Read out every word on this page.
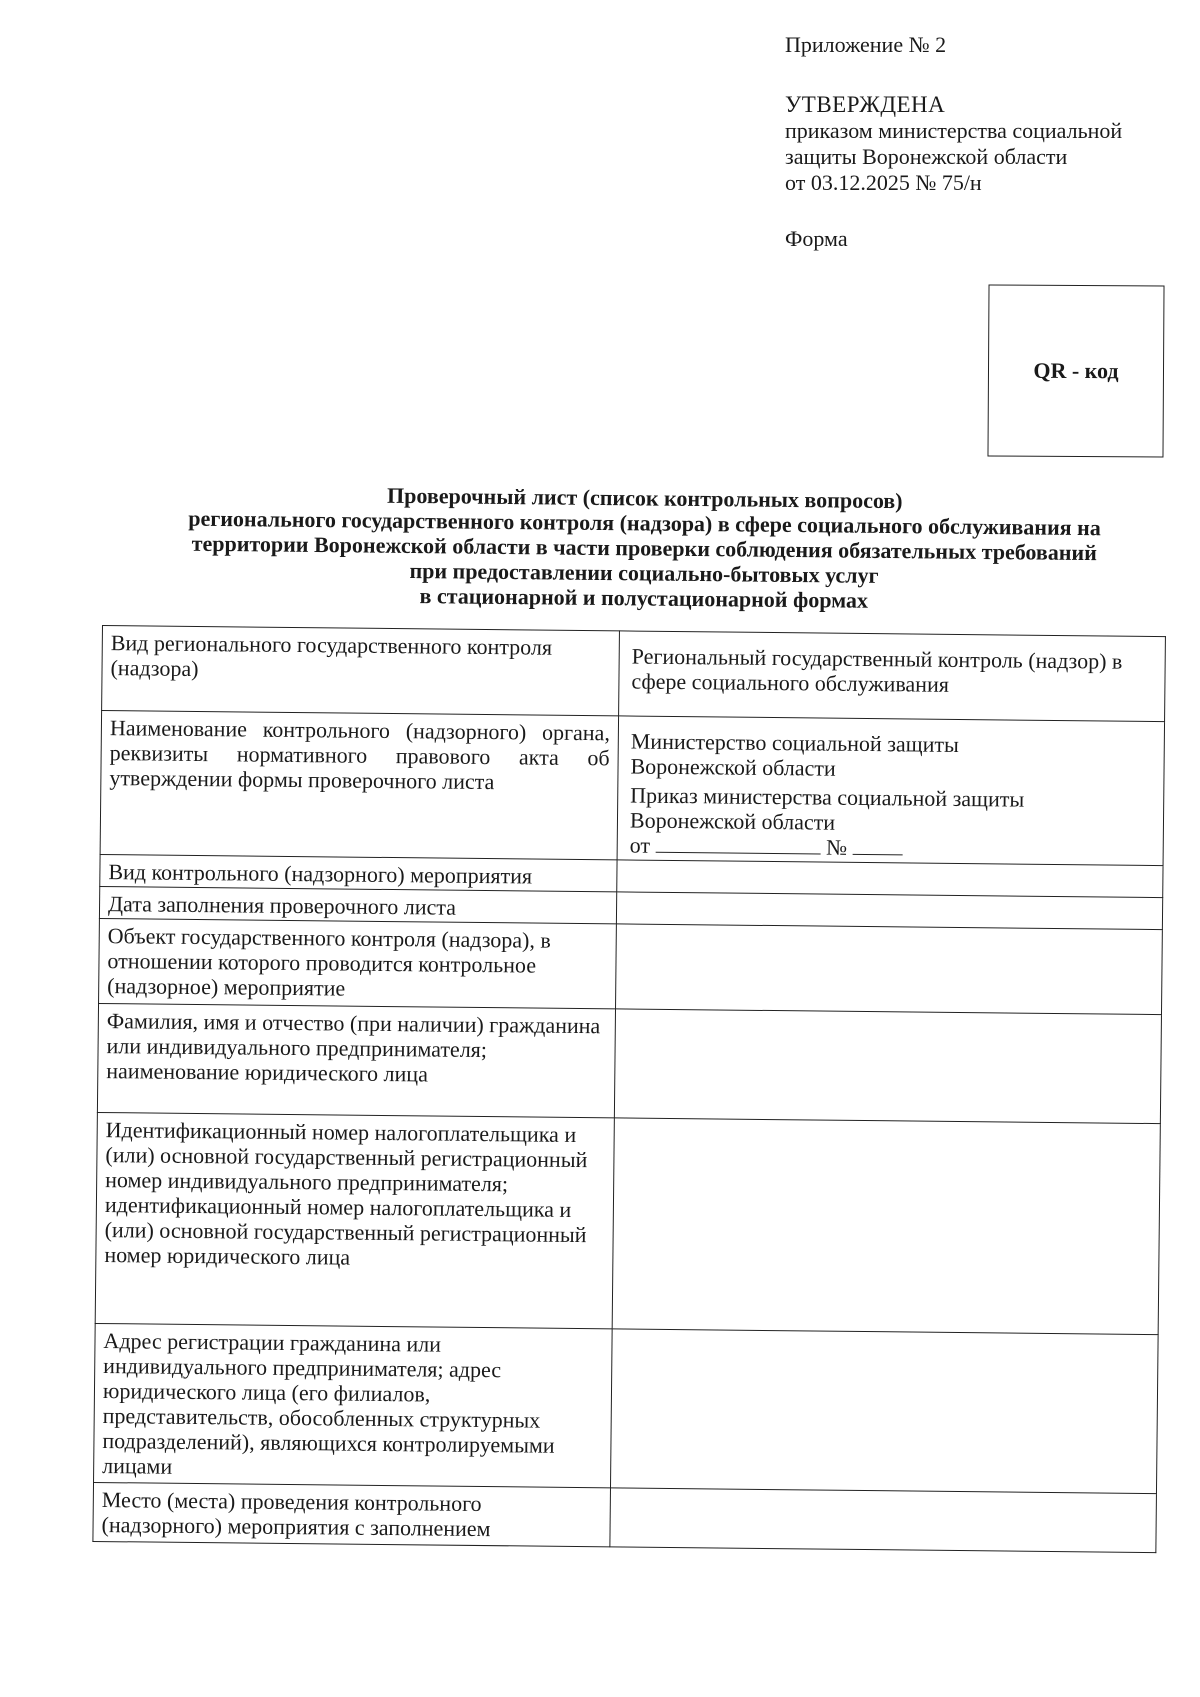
Приложение № 2
УТВЕРЖДЕНА
приказом министерства социальной
защиты Воронежской области
от 03.12.2025 № 75/н
Форма
QR - код
Проверочный лист (список контрольных вопросов)
регионального государственного контроля (надзора) в сфере социального обслуживания на
территории Воронежской области в части проверки соблюдения обязательных требований
при предоставлении социально-бытовых услуг
в стационарной и полустационарной формах
Вид регионального государственного контроля (надзора)	Региональный государственный контроль (надзор) в сфере социального обслуживания

Наименование контрольного (надзорного) органа, реквизиты нормативного правового акта об утверждении формы проверочного листа	Министерство социальной защиты
Воронежской области
Приказ министерства социальной защиты
Воронежской области
от №

Вид контрольного (надзорного) мероприятия	
Дата заполнения проверочного листа	
Объект государственного контроля (надзора), в отношении которого проводится контрольное (надзорное) мероприятие	
Фамилия, имя и отчество (при наличии) гражданина или индивидуального предпринимателя; наименование юридического лица	
Идентификационный номер налогоплательщика и (или) основной государственный регистрационный номер индивидуального предпринимателя; идентификационный номер налогоплательщика и (или) основной государственный регистрационный номер юридического лица	
Адрес регистрации гражданина или индивидуального предпринимателя; адрес юридического лица (его филиалов, представительств, обособленных структурных подразделений), являющихся контролируемыми лицами	
Место (места) проведения контрольного (надзорного) мероприятия с заполнением	
